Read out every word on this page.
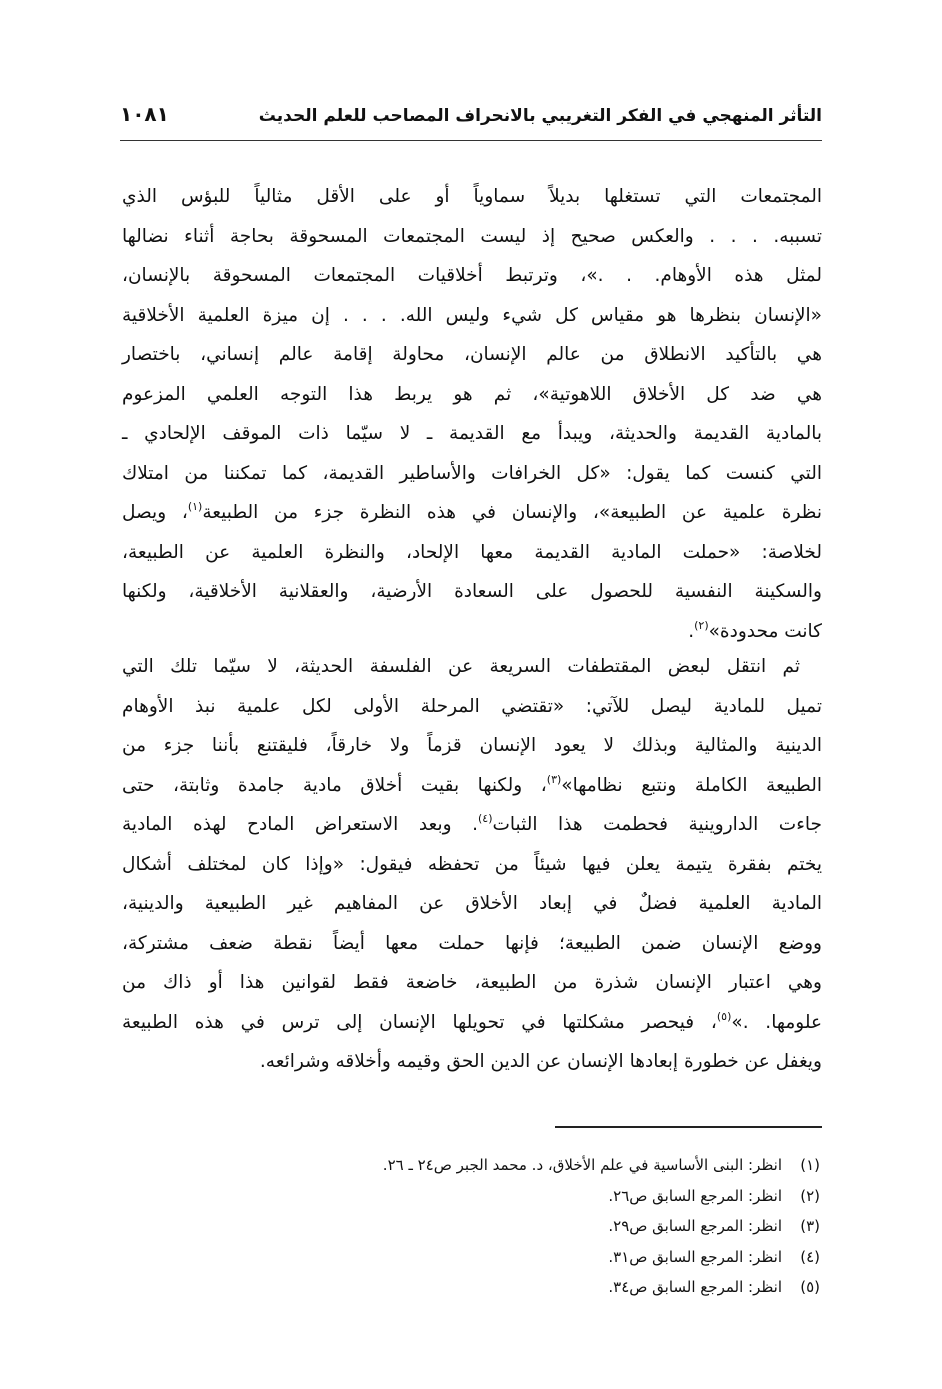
التأثر المنهجي في الفكر التغريبي بالانحراف المصاحب للعلم الحديث
١٠٨١
المجتمعات التي تستغلها بديلاً سماوياً أو على الأقل مثالياً للبؤس الذي
تسببه. . . . والعكس صحيح إذ ليست المجتمعات المسحوقة بحاجة أثناء نضالها
لمثل هذه الأوهام. . .»، وترتبط أخلاقيات المجتمعات المسحوقة بالإنسان،
«الإنسان بنظرها هو مقياس كل شيء وليس الله. . . . إن ميزة العلمية الأخلاقية
هي بالتأكيد الانطلاق من عالم الإنسان، محاولة إقامة عالم إنساني، باختصار
هي ضد كل الأخلاق اللاهوتية»، ثم هو يربط هذا التوجه العلمي المزعوم
بالمادية القديمة والحديثة، ويبدأ مع القديمة ـ لا سيّما ذات الموقف الإلحادي ـ
التي كنست كما يقول: «كل الخرافات والأساطير القديمة، كما تمكننا من امتلاك
نظرة علمية عن الطبيعة»، والإنسان في هذه النظرة جزء من الطبيعة$^{(١)}$، ويصل
لخلاصة: «حملت المادية القديمة معها الإلحاد، والنظرة العلمية عن الطبيعة،
والسكينة النفسية للحصول على السعادة الأرضية، والعقلانية الأخلاقية، ولكنها
كانت محدودة»$^{(٢)}$.
ثم انتقل لبعض المقتطفات السريعة عن الفلسفة الحديثة، لا سيّما تلك التي
تميل للمادية ليصل للآتي: «تقتضي المرحلة الأولى لكل علمية نبذ الأوهام
الدينية والمثالية وبذلك لا يعود الإنسان قزماً ولا خارقاً، فليقتنع بأننا جزء من
الطبيعة الكاملة ونتبع نظامها»$^{(٣)}$، ولكنها بقيت أخلاق مادية جامدة وثابتة، حتى
جاءت الداروينية فحطمت هذا الثبات$^{(٤)}$. وبعد الاستعراض المادح لهذه المادية
يختم بفقرة يتيمة يعلن فيها شيئاً من تحفظه فيقول: «وإذا كان لمختلف أشكال
المادية العلمية فضلٌ في إبعاد الأخلاق عن المفاهيم غير الطبيعية والدينية،
ووضع الإنسان ضمن الطبيعة؛ فإنها حملت معها أيضاً نقطة ضعف مشتركة،
وهي اعتبار الإنسان شذرة من الطبيعة، خاضعة فقط لقوانين هذا أو ذاك من
علومها. .»$^{(٥)}$، فيحصر مشكلتها في تحويلها الإنسان إلى ترس في هذه الطبيعة
ويغفل عن خطورة إبعادها الإنسان عن الدين الحق وقيمه وأخلاقه وشرائعه.
(١)انظر: البنى الأساسية في علم الأخلاق، د. محمد الجبر ص٢٤ ـ ٢٦.
(٢)انظر: المرجع السابق ص٢٦.
(٣)انظر: المرجع السابق ص٢٩.
(٤)انظر: المرجع السابق ص٣١.
(٥)انظر: المرجع السابق ص٣٤.
